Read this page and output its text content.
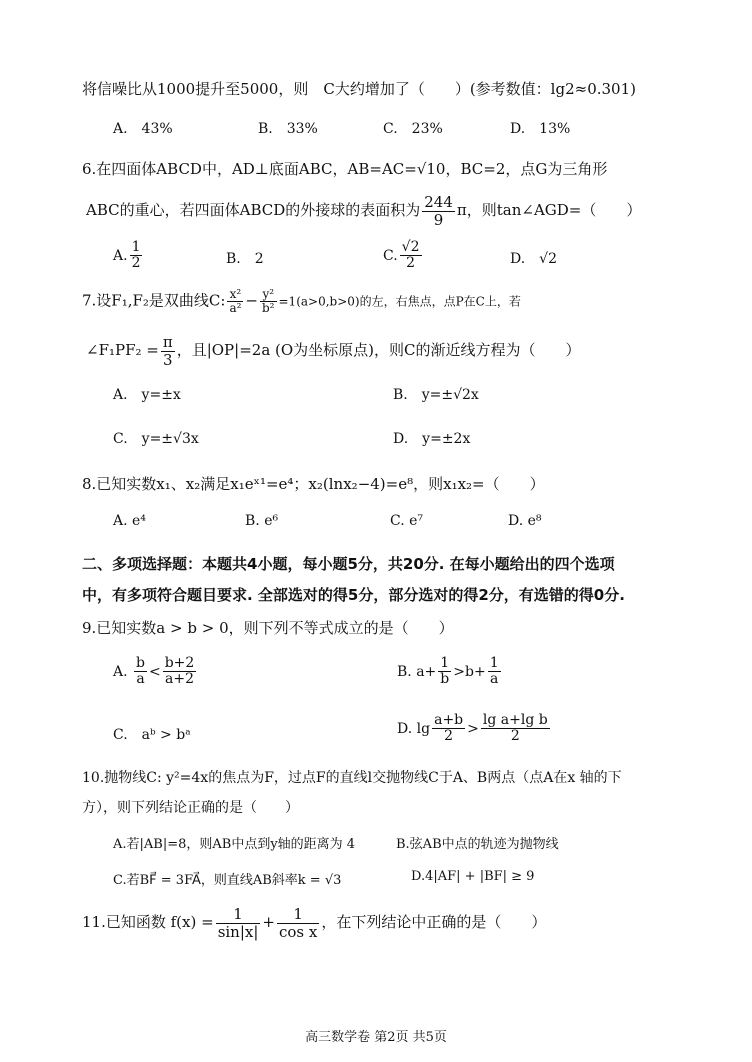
将信噪比从1000提升至5000，则　C大约增加了（　　）(参考数值：lg2≈0.301)
A.　43%	B.　33%	C.　23%	D.　13%
6.在四面体ABCD中，AD⊥底面ABC，AB=AC=√10，BC=2，点G为三角形
ABC的重心，若四面体ABCD的外接球的表面积为 $\frac{244}{9}$ π，则tan∠AGD=（　　）
A. $\frac{1}{2}$	B.　2	C. $\frac{√2}{2}$	D.　√2
7.设F₁,F₂是双曲线C: $\frac{\text{x²}}{\text{a²}} - \frac{\text{y²}}{\text{b²}} =1(a>0,b>0)$的左，右焦点，点P在C上，若
∠F₁PF₂ = $\frac{\pi}{3}$ ，且|OP|=2a (O为坐标原点)，则C的渐近线方程为（　　）
A.　y=±x	B.　y=±√2x
C.　y=±√3x	D.　y=±2x
8.已知实数x₁、x₂满足x₁eˣ¹=e⁴；x₂(lnx₂−4)=e⁸，则x₁x₂=（　　）
A. e⁴	B. e⁶	C. e⁷	D. e⁸
二、多项选择题：本题共4小题，每小题5分，共20分. 在每小题给出的四个选项
中，有多项符合题目要求. 全部选对的得5分，部分选对的得2分，有选错的得0分.
9.已知实数a > b > 0，则下列不等式成立的是（　　）
A. $\frac{b}{a} < \frac{b+2}{a+2}$	B. $a+ \frac{1}{b} >b+ \frac{1}{a}$
C.　aᵇ > bᵃ	D. $\lg \frac{a+b}{2} > \frac{\text{lg a+lg b}}{2}$
10.抛物线C: y²=4x的焦点为F，过点F的直线l交抛物线C于A、B两点（点A在x 轴的下
方），则下列结论正确的是（　　）
A.若|AB|=8，则AB中点到y轴的距离为 4	B.弦AB中点的轨迹为抛物线
C.若BF⃗ = 3FA⃗，则直线AB斜率k = √3	D.4|AF| + |BF| ≥ 9
11.已知函数 $f(x) = \frac{1}{\sin|x|} + \frac{1}{\text{cos x}}$ ，在下列结论中正确的是（　　）
高三数学卷 第2页 共5页
